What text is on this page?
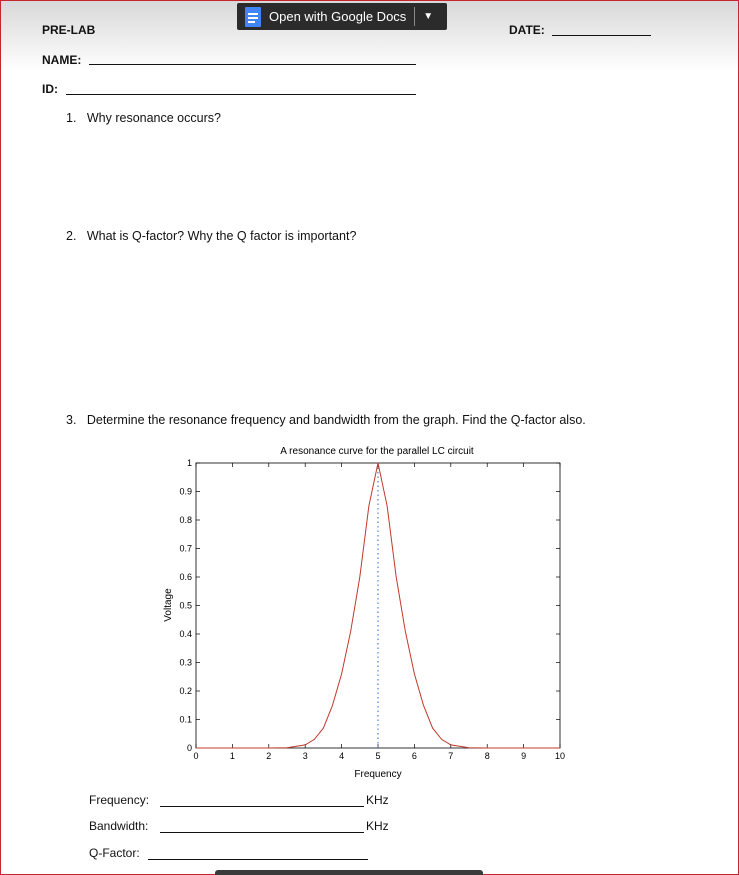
Open with Google Docs ▼
PRE-LAB	DATE:
NAME:
ID:
1. Why resonance occurs?
2. What is Q-factor? Why the Q factor is important?
3. Determine the resonance frequency and bandwidth from the graph. Find the Q-factor also.
A resonance curve for the parallel LC circuit
0	1	2	3	4	5	6	7	8	9	10
0
0.1
0.2
0.3
0.4
0.5
0.6
0.7
0.8
0.9
1
Frequency
Voltage
Frequency:	KHz
Bandwidth:	KHz
Q-Factor:
